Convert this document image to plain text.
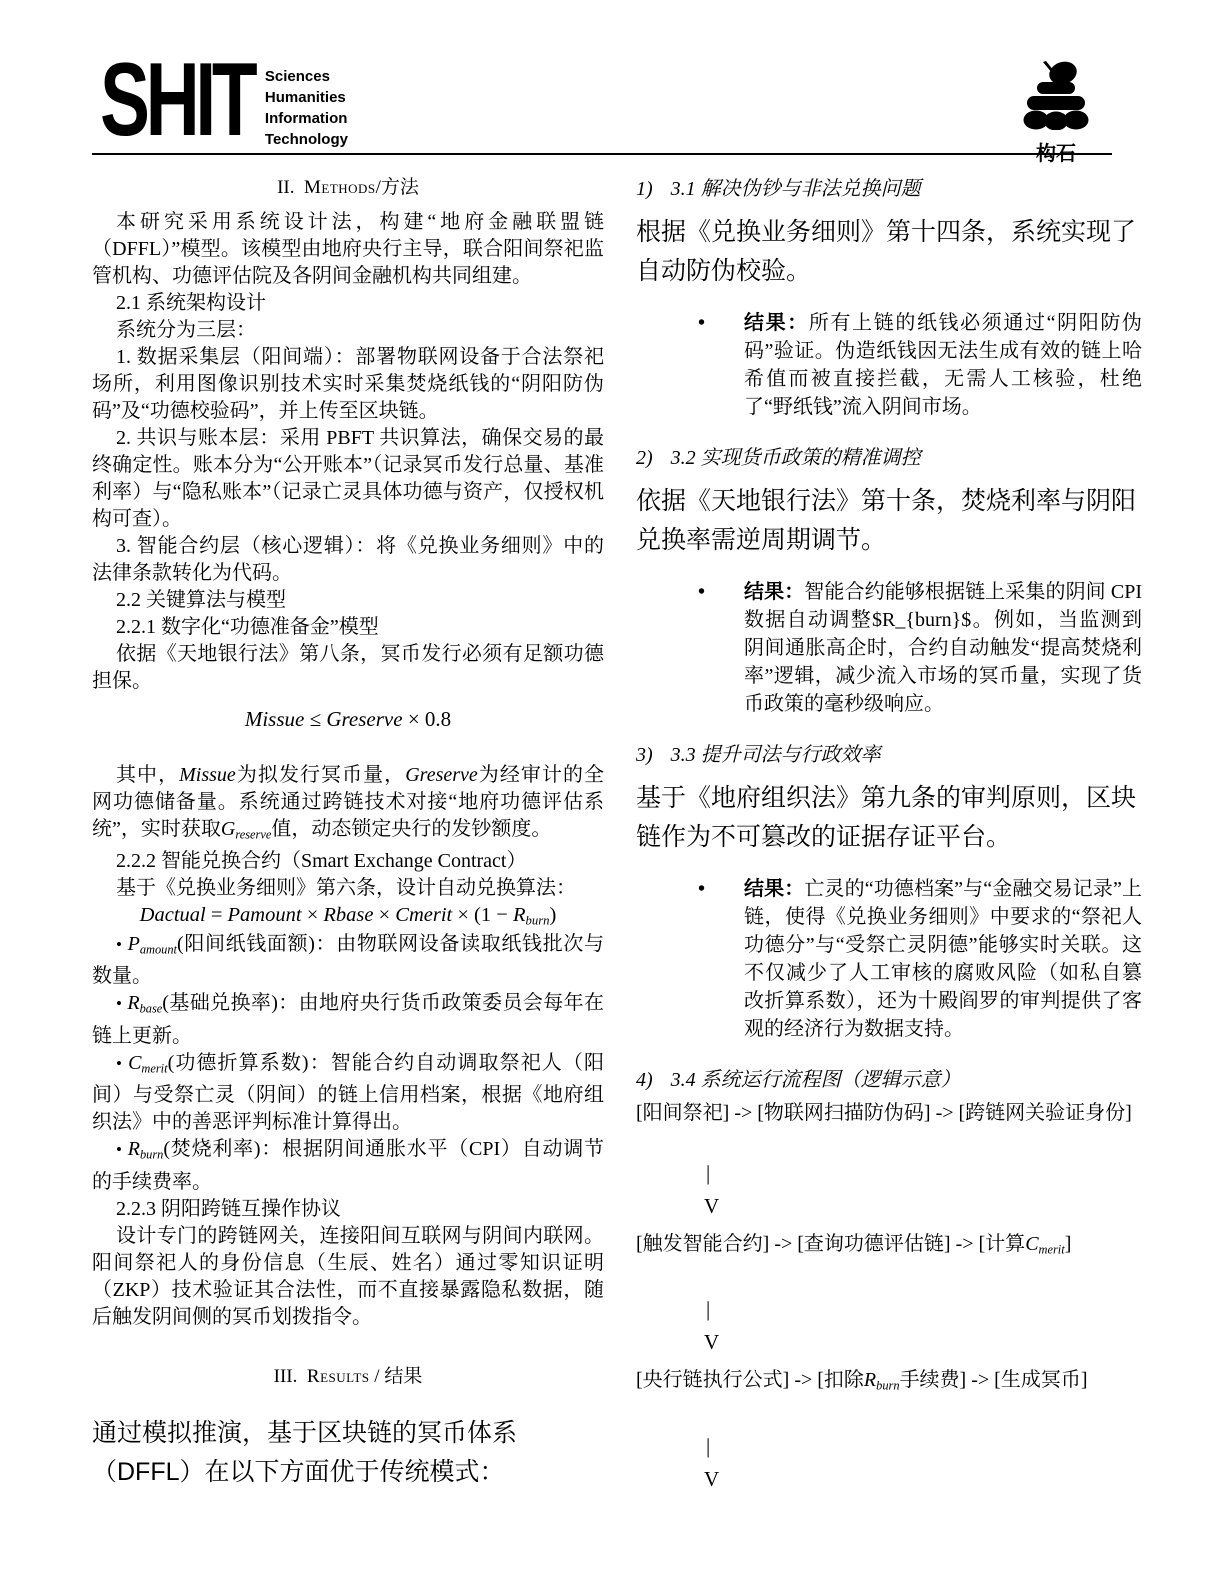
SHIT Sciences
Humanities
Information
Technology
构石
II. Methods/方法

本研究采用系统设计法，构建“地府金融联盟链（DFFL）”模型。该模型由地府央行主导，联合阳间祭祀监管机构、功德评估院及各阴间金融机构共同组建。

2.1 系统架构设计

系统分为三层：

1. 数据采集层（阳间端）：部署物联网设备于合法祭祀场所，利用图像识别技术实时采集焚烧纸钱的“阴阳防伪码”及“功德校验码”，并上传至区块链。

2. 共识与账本层：采用 PBFT 共识算法，确保交易的最终确定性。账本分为“公开账本”（记录冥币发行总量、基准利率）与“隐私账本”（记录亡灵具体功德与资产，仅授权机构可查）。

3. 智能合约层（核心逻辑）：将《兑换业务细则》中的法律条款转化为代码。

2.2 关键算法与模型

2.2.1 数字化“功德准备金”模型

依据《天地银行法》第八条，冥币发行必须有足额功德担保。

Missue ≤ Greserve × 0.8

其中，Missue为拟发行冥币量，Greserve为经审计的全网功德储备量。系统通过跨链技术对接“地府功德评估系统”，实时获取$G_{reserve}$值，动态锁定央行的发钞额度。

2.2.2 智能兑换合约（Smart Exchange Contract）

基于《兑换业务细则》第六条，设计自动兑换算法：

Dactual = Pamount × Rbase × Cmerit × $(1 - R_{burn})$

• $P_{amount}$(阳间纸钱面额)：由物联网设备读取纸钱批次与数量。

• $R_{base}$(基础兑换率)：由地府央行货币政策委员会每年在链上更新。

• $C_{merit}$(功德折算系数)：智能合约自动调取祭祀人（阳间）与受祭亡灵（阴间）的链上信用档案，根据《地府组织法》中的善恶评判标准计算得出。

• $R_{burn}$(焚烧利率)：根据阴间通胀水平（CPI）自动调节的手续费率。

2.2.3 阴阳跨链互操作协议

设计专门的跨链网关，连接阳间互联网与阴间内联网。阳间祭祀人的身份信息（生辰、姓名）通过零知识证明（ZKP）技术验证其合法性，而不直接暴露隐私数据，随后触发阴间侧的冥币划拨指令。

III. Results / 结果
通过模拟推演，基于区块链的冥币体系（DFFL）在以下方面优于传统模式：

1) 3.1 解决伪钞与非法兑换问题

根据《兑换业务细则》第十四条，系统实现了自动防伪校验。

•	结果：所有上链的纸钱必须通过“阴阳防伪码”验证。伪造纸钱因无法生成有效的链上哈希值而被直接拦截，无需人工核验，杜绝了“野纸钱”流入阴间市场。

2) 3.2 实现货币政策的精准调控

依据《天地银行法》第十条，焚烧利率与阴阳兑换率需逆周期调节。

•	结果：智能合约能够根据链上采集的阴间 CPI 数据自动调整$R_{burn}$。例如，当监测到阴间通胀高企时，合约自动触发“提高焚烧利率”逻辑，减少流入市场的冥币量，实现了货币政策的毫秒级响应。

3) 3.3 提升司法与行政效率

基于《地府组织法》第九条的审判原则，区块链作为不可篡改的证据存证平台。

•	结果：亡灵的“功德档案”与“金融交易记录”上链，使得《兑换业务细则》中要求的“祭祀人功德分”与“受祭亡灵阴德”能够实时关联。这不仅减少了人工审核的腐败风险（如私自篡改折算系数），还为十殿阎罗的审判提供了客观的经济行为数据支持。

4) 3.4 系统运行流程图（逻辑示意）

[阳间祭祀] -> [物联网扫描防伪码] -> [跨链网关验证身份]

|

V

[触发智能合约] -> [查询功德评估链] -> [计算$C_{merit}$]

|

V

[央行链执行公式] -> [扣除$R_{burn}$手续费] -> [生成冥币]

|

V
